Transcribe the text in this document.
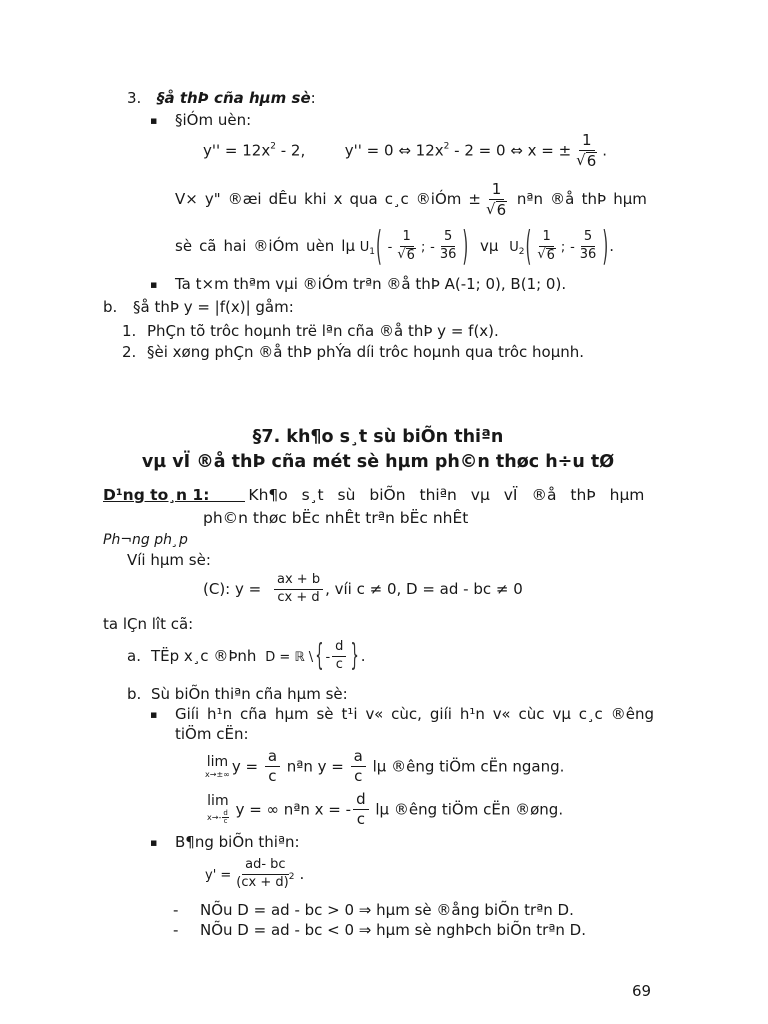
3. §å thÞ cña hµm sè:
▪ §iÓm uèn:
$y'' = 12x^2 - 2$,	y'' = 0 ⇔ $12x^2 - 2 = 0$ ⇔ x = ± $\frac{1}{√ 6}$ .
V× y" ®æi dÊu khi x qua c¸c ®iÓm ± $\frac{1}{√ 6}$ nªn ®å thÞ hµm
sè cã hai ®iÓm uèn lµ $U_1( - \frac{1}{√ 6}$ ; - $\frac{5}{36}$ ) vµ $U_2( \frac{1}{√ 6}$ ; - $\frac{5}{36}$ ).
▪ Ta t×m thªm vµi ®iÓm trªn ®å thÞ A(-1; 0), B(1; 0).
b. §å thÞ y = |f(x)| gåm:
1. PhÇn tõ trôc hoµnh trë lªn cña ®å thÞ y = f(x).
2. §èi xøng phÇn ®å thÞ phÝa díi trôc hoµnh qua trôc hoµnh.
§7. kh¶o s¸t sù biÕn thiªn
vµ vÏ ®å thÞ cña mét sè hµm ph©n thøc h÷u tØ
D¹ng to¸n 1:	Kh¶o s¸t sù biÕn thiªn vµ vÏ ®å thÞ hµm
ph©n thøc bËc nhÊt trªn bËc nhÊt
Ph¬ng ph¸p
Víi hµm sè:
(C): $y = \frac{ax + b}{cx + d}$ , víi c ≠ 0, D = ad - bc ≠ 0
ta lÇn lît cã:
a. TËp x¸c ®Þnh D = ℝ \ { - $\frac{d}{c}$ } .
b. Sù biÕn thiªn cña hµm sè:
▪ Giíi h¹n cña hµm sè t¹i v« cùc, giíi h¹n v« cùc vµ c¸c ®êng
tiÖm cËn:
lim
x→±∞ $y = \frac{a}{c}$ nªn $y = \frac{a}{c}$ lµ ®êng tiÖm cËn ngang.
lim
$x\to- \frac{d}{c}$ y = ∞ nªn x = - $\frac{d}{c}$ lµ ®êng tiÖm cËn ®øng.
▪ B¶ng biÕn thiªn:
$y' = \frac{ad- bc}{(cx + d)^2}$ .
- NÕu D = ad - bc > 0 ⇒ hµm sè ®ång biÕn trªn D.
- NÕu D = ad - bc < 0 ⇒ hµm sè nghÞch biÕn trªn D.
69
